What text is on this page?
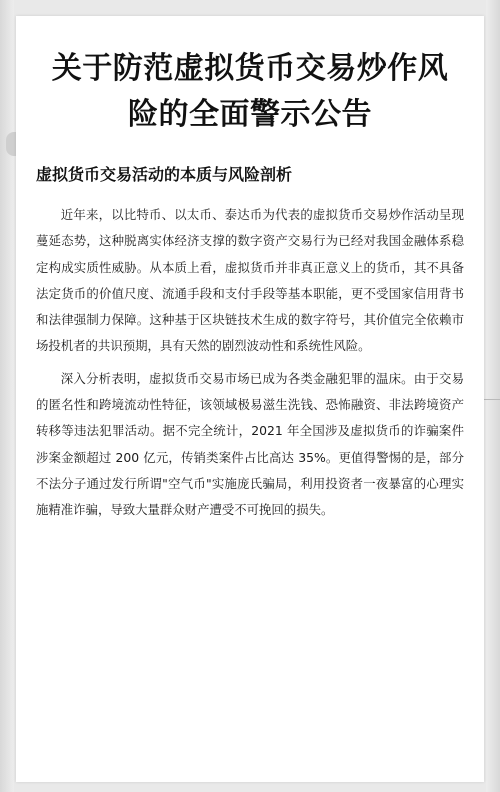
关于防范虚拟货币交易炒作风险的全面警示公告
虚拟货币交易活动的本质与风险剖析

近年来，以比特币、以太币、泰达币为代表的虚拟货币交易炒作活动呈现蔓延态势，这种脱离实体经济支撑的数字资产交易行为已经对我国金融体系稳定构成实质性威胁。从本质上看，虚拟货币并非真正意义上的货币，其不具备法定货币的价值尺度、流通手段和支付手段等基本职能，更不受国家信用背书和法律强制力保障。这种基于区块链技术生成的数字符号，其价值完全依赖市场投机者的共识预期，具有天然的剧烈波动性和系统性风险。

深入分析表明，虚拟货币交易市场已成为各类金融犯罪的温床。由于交易的匿名性和跨境流动性特征，该领域极易滋生洗钱、恐怖融资、非法跨境资产转移等违法犯罪活动。据不完全统计，2021 年全国涉及虚拟货币的诈骗案件涉案金额超过 200 亿元，传销类案件占比高达 35%。更值得警惕的是，部分不法分子通过发行所谓"空气币"实施庞氏骗局，利用投资者一夜暴富的心理实施精准诈骗，导致大量群众财产遭受不可挽回的损失。
